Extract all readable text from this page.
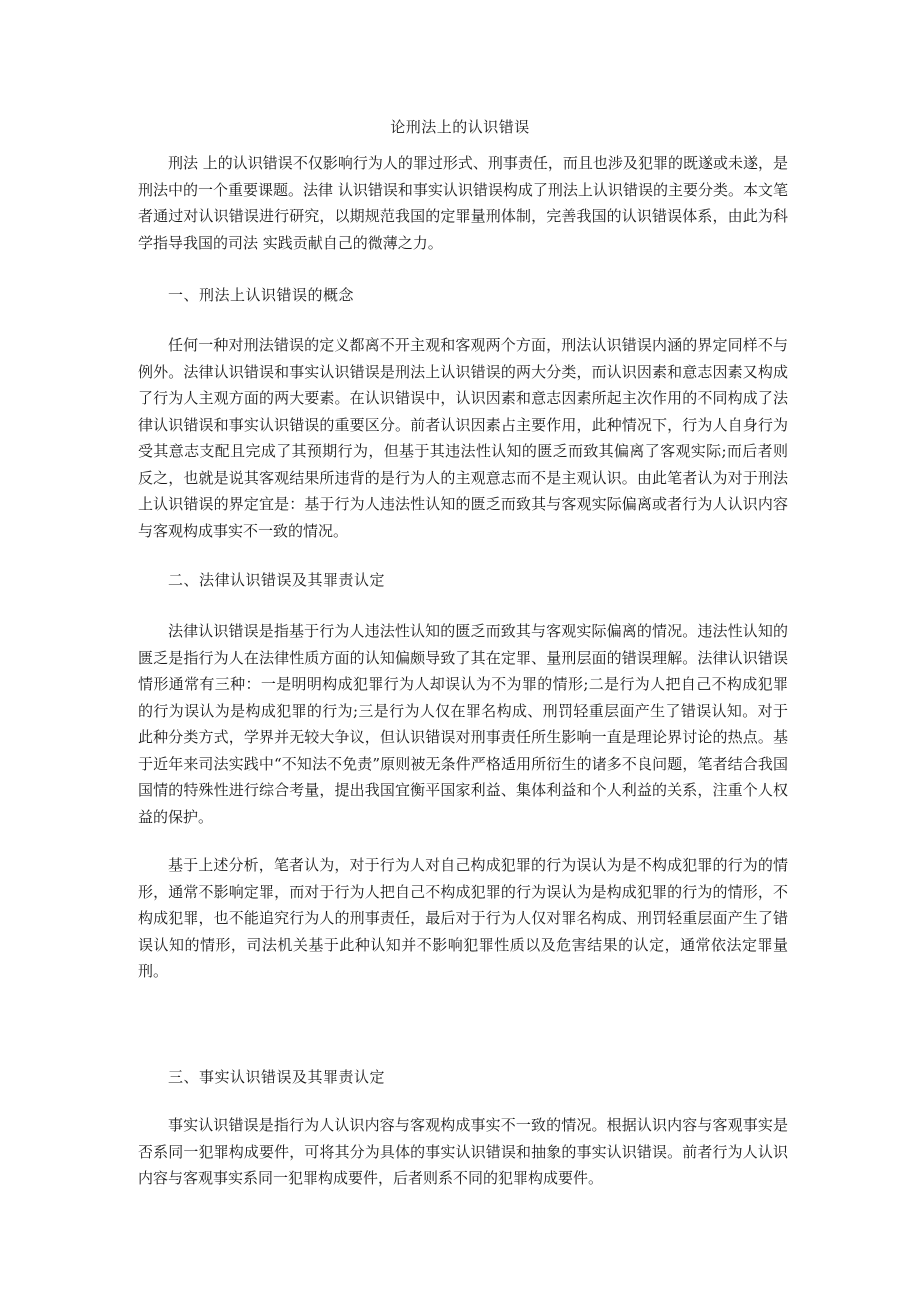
论刑法上的认识错误

刑法 上的认识错误不仅影响行为人的罪过形式、刑事责任，而且也涉及犯罪的既遂或未遂，是刑法中的一个重要课题。法律 认识错误和事实认识错误构成了刑法上认识错误的主要分类。本文笔者通过对认识错误进行研究，以期规范我国的定罪量刑体制，完善我国的认识错误体系，由此为科学指导我国的司法 实践贡献自己的微薄之力。

一、刑法上认识错误的概念

任何一种对刑法错误的定义都离不开主观和客观两个方面，刑法认识错误内涵的界定同样不与例外。法律认识错误和事实认识错误是刑法上认识错误的两大分类，而认识因素和意志因素又构成了行为人主观方面的两大要素。在认识错误中，认识因素和意志因素所起主次作用的不同构成了法律认识错误和事实认识错误的重要区分。前者认识因素占主要作用，此种情况下，行为人自身行为受其意志支配且完成了其预期行为，但基于其违法性认知的匮乏而致其偏离了客观实际;而后者则反之，也就是说其客观结果所违背的是行为人的主观意志而不是主观认识。由此笔者认为对于刑法上认识错误的界定宜是：基于行为人违法性认知的匮乏而致其与客观实际偏离或者行为人认识内容与客观构成事实不一致的情况。

二、法律认识错误及其罪责认定

法律认识错误是指基于行为人违法性认知的匮乏而致其与客观实际偏离的情况。违法性认知的匮乏是指行为人在法律性质方面的认知偏颇导致了其在定罪、量刑层面的错误理解。法律认识错误情形通常有三种：一是明明构成犯罪行为人却误认为不为罪的情形;二是行为人把自己不构成犯罪的行为误认为是构成犯罪的行为;三是行为人仅在罪名构成、刑罚轻重层面产生了错误认知。对于此种分类方式，学界并无较大争议，但认识错误对刑事责任所生影响一直是理论界讨论的热点。基于近年来司法实践中“不知法不免责”原则被无条件严格适用所衍生的诸多不良问题，笔者结合我国国情的特殊性进行综合考量，提出我国宜衡平国家利益、集体利益和个人利益的关系，注重个人权益的保护。

基于上述分析，笔者认为，对于行为人对自己构成犯罪的行为误认为是不构成犯罪的行为的情形，通常不影响定罪，而对于行为人把自己不构成犯罪的行为误认为是构成犯罪的行为的情形，不构成犯罪，也不能追究行为人的刑事责任，最后对于行为人仅对罪名构成、刑罚轻重层面产生了错误认知的情形，司法机关基于此种认知并不影响犯罪性质以及危害结果的认定，通常依法定罪量刑。

三、事实认识错误及其罪责认定

事实认识错误是指行为人认识内容与客观构成事实不一致的情况。根据认识内容与客观事实是否系同一犯罪构成要件，可将其分为具体的事实认识错误和抽象的事实认识错误。前者行为人认识内容与客观事实系同一犯罪构成要件，后者则系不同的犯罪构成要件。
